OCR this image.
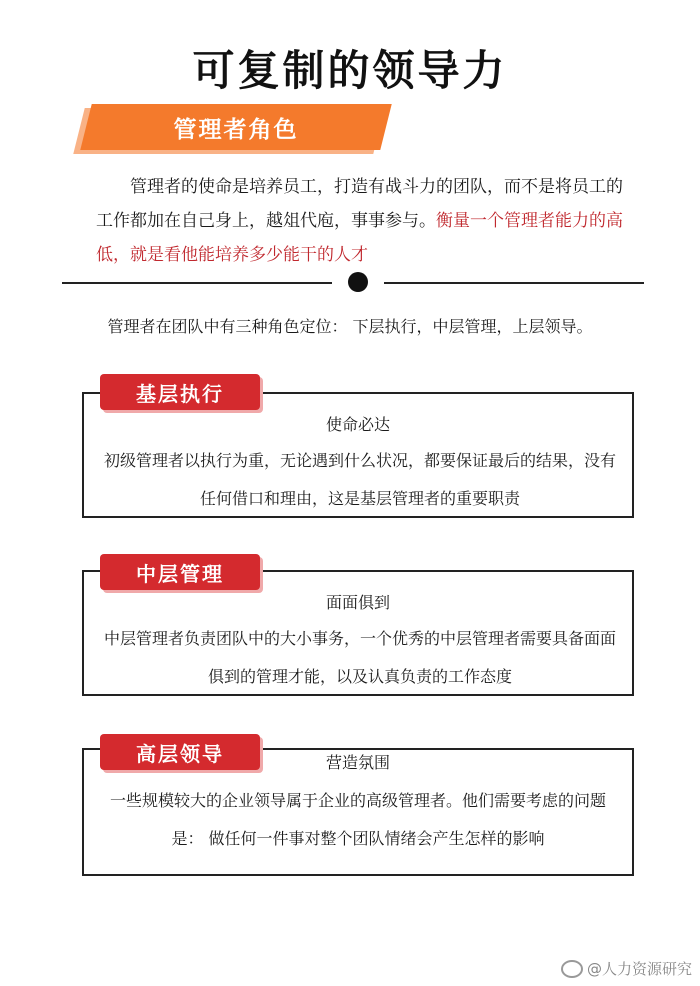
可复制的领导力
管理者角色
管理者的使命是培养员工，打造有战斗力的团队，而不是将员工的工作都加在自己身上，越俎代庖，事事参与。衡量一个管理者能力的高低，就是看他能培养多少能干的人才
管理者在团队中有三种角色定位： 下层执行，中层管理，上层领导。
使命必达
初级管理者以执行为重，无论遇到什么状况，都要保证最后的结果，没有任何借口和理由，这是基层管理者的重要职责
基层执行
面面俱到
中层管理者负责团队中的大小事务，一个优秀的中层管理者需要具备面面俱到的管理才能，以及认真负责的工作态度
中层管理
营造氛围
一些规模较大的企业领导属于企业的高级管理者。他们需要考虑的问题是： 做任何一件事对整个团队情绪会产生怎样的影响
高层领导
@人力资源研究
